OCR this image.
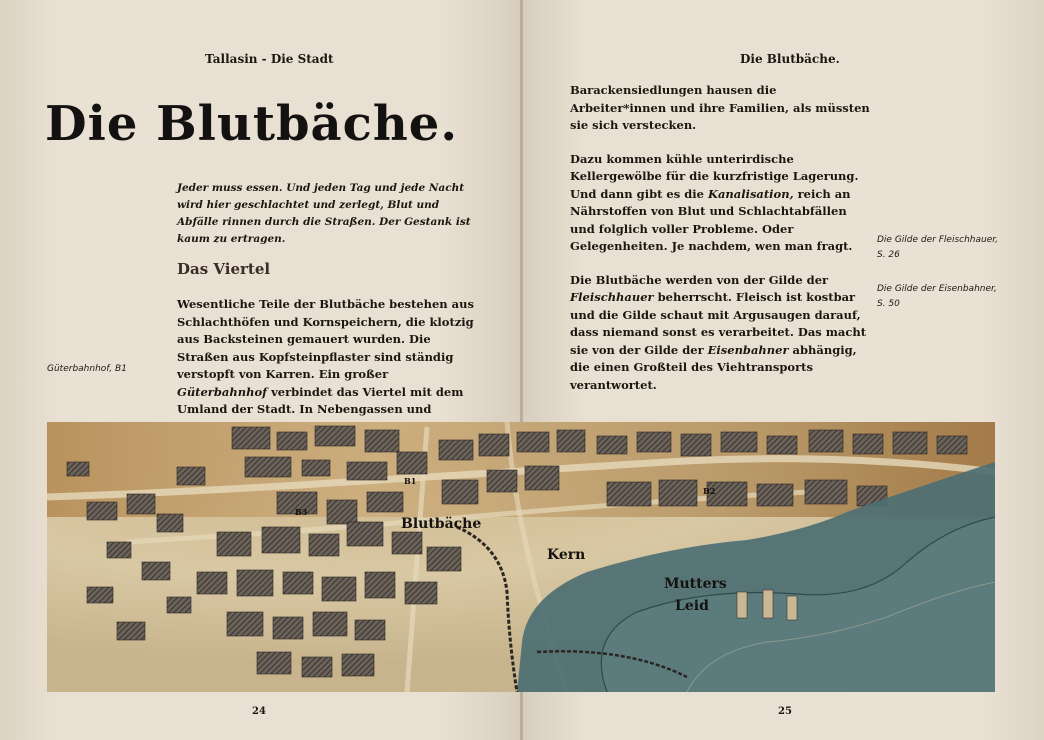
Tallasin - Die Stadt	Die Blutbäche.
Die Blutbäche.
Jeder muss essen. Und jeden Tag und jede Nacht wird hier geschlachtet und zerlegt, Blut und Abfälle rinnen durch die Straßen. Der Gestank ist kaum zu ertragen.
Das Viertel

Wesentliche Teile der Blutbäche bestehen aus Schlachthöfen und Kornspeichern, die klotzig aus Backsteinen gemauert wurden. Die Straßen aus Kopfsteinpflaster sind ständig verstopft von Karren. Ein großer Güterbahnhof verbindet das Viertel mit dem Umland der Stadt. In Nebengassen und

Barackensiedlungen hausen die Arbeiter*innen und ihre Familien, als müssten sie sich verstecken.

Dazu kommen kühle unterirdische Kellergewölbe für die kurzfristige Lagerung. Und dann gibt es die Kanalisation, reich an Nährstoffen von Blut und Schlachtabfällen und folglich voller Probleme. Oder Gelegenheiten. Je nachdem, wen man fragt.

Die Blutbäche werden von der Gilde der Fleischhauer beherrscht. Fleisch ist kostbar und die Gilde schaut mit Argusaugen darauf, dass niemand sonst es verarbeitet. Das macht sie von der Gilde der Eisenbahner abhängig, die einen Großteil des Viehtransports verantwortet.

Güterbahnhof, B1
Die Gilde der Fleischhauer,
S. 26
Die Gilde der Eisenbahner,
S. 50
Blutbäche
Kern
Mutters
Leid
B1
B2
B3
24	25
